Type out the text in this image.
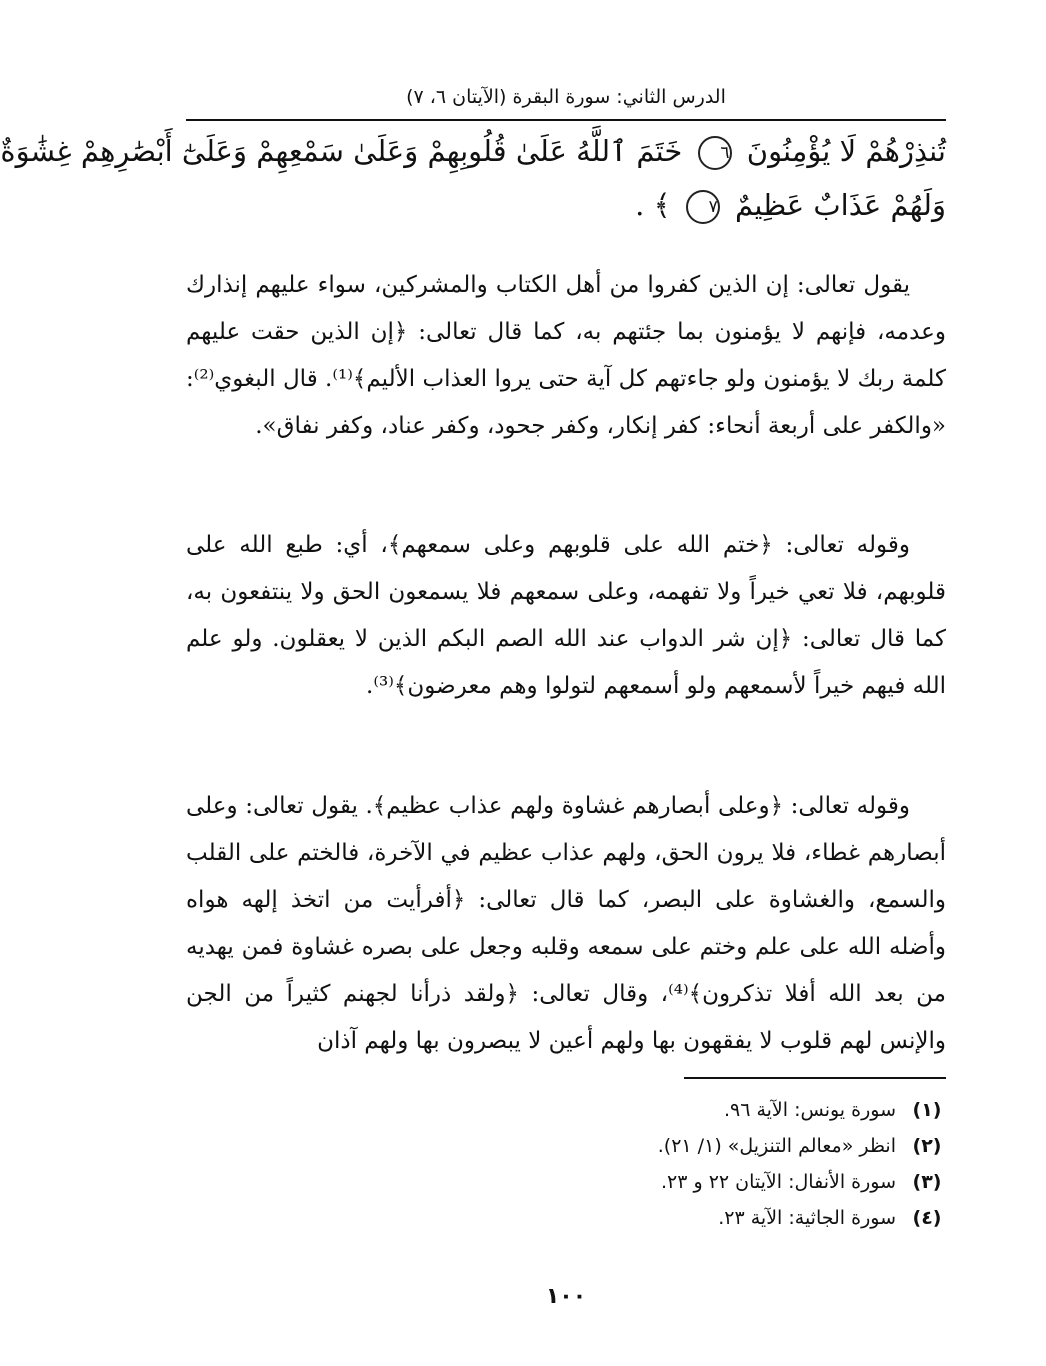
الدرس الثاني: سورة البقرة (الآيتان ٦، ٧)
تُنذِرْهُمْ لَا يُؤْمِنُونَ ٦ خَتَمَ ٱللَّهُ عَلَىٰ قُلُوبِهِمْ وَعَلَىٰ سَمْعِهِمْ وَعَلَىٰٓ أَبْصَٰرِهِمْ غِشَٰوَةٌ
وَلَهُمْ عَذَابٌ عَظِيمٌ ٧ ﴾ .
يقول تعالى: إن الذين كفروا من أهل الكتاب والمشركين، سواء عليهم إنذارك وعدمه، فإنهم لا يؤمنون بما جئتهم به، كما قال تعالى: ﴿إن الذين حقت عليهم كلمة ربك لا يؤمنون ولو جاءتهم كل آية حتى يروا العذاب الأليم﴾⁽¹⁾. قال البغوي⁽²⁾: «والكفر على أربعة أنحاء: كفر إنكار، وكفر جحود، وكفر عناد، وكفر نفاق».
وقوله تعالى: ﴿ختم الله على قلوبهم وعلى سمعهم﴾، أي: طبع الله على قلوبهم، فلا تعي خيراً ولا تفهمه، وعلى سمعهم فلا يسمعون الحق ولا ينتفعون به، كما قال تعالى: ﴿إن شر الدواب عند الله الصم البكم الذين لا يعقلون. ولو علم الله فيهم خيراً لأسمعهم ولو أسمعهم لتولوا وهم معرضون﴾⁽³⁾.
وقوله تعالى: ﴿وعلى أبصارهم غشاوة ولهم عذاب عظيم﴾. يقول تعالى: وعلى أبصارهم غطاء، فلا يرون الحق، ولهم عذاب عظيم في الآخرة، فالختم على القلب والسمع، والغشاوة على البصر، كما قال تعالى: ﴿أفرأيت من اتخذ إلهه هواه وأضله الله على علم وختم على سمعه وقلبه وجعل على بصره غشاوة فمن يهديه من بعد الله أفلا تذكرون﴾⁽⁴⁾، وقال تعالى: ﴿ولقد ذرأنا لجهنم كثيراً من الجن والإنس لهم قلوب لا يفقهون بها ولهم أعين لا يبصرون بها ولهم آذان
(١)
سورة يونس: الآية ٩٦.
(٢)
انظر «معالم التنزيل» (١/ ٢١).
(٣)
سورة الأنفال: الآيتان ٢٢ و ٢٣.
(٤)
سورة الجاثية: الآية ٢٣.
١٠٠
